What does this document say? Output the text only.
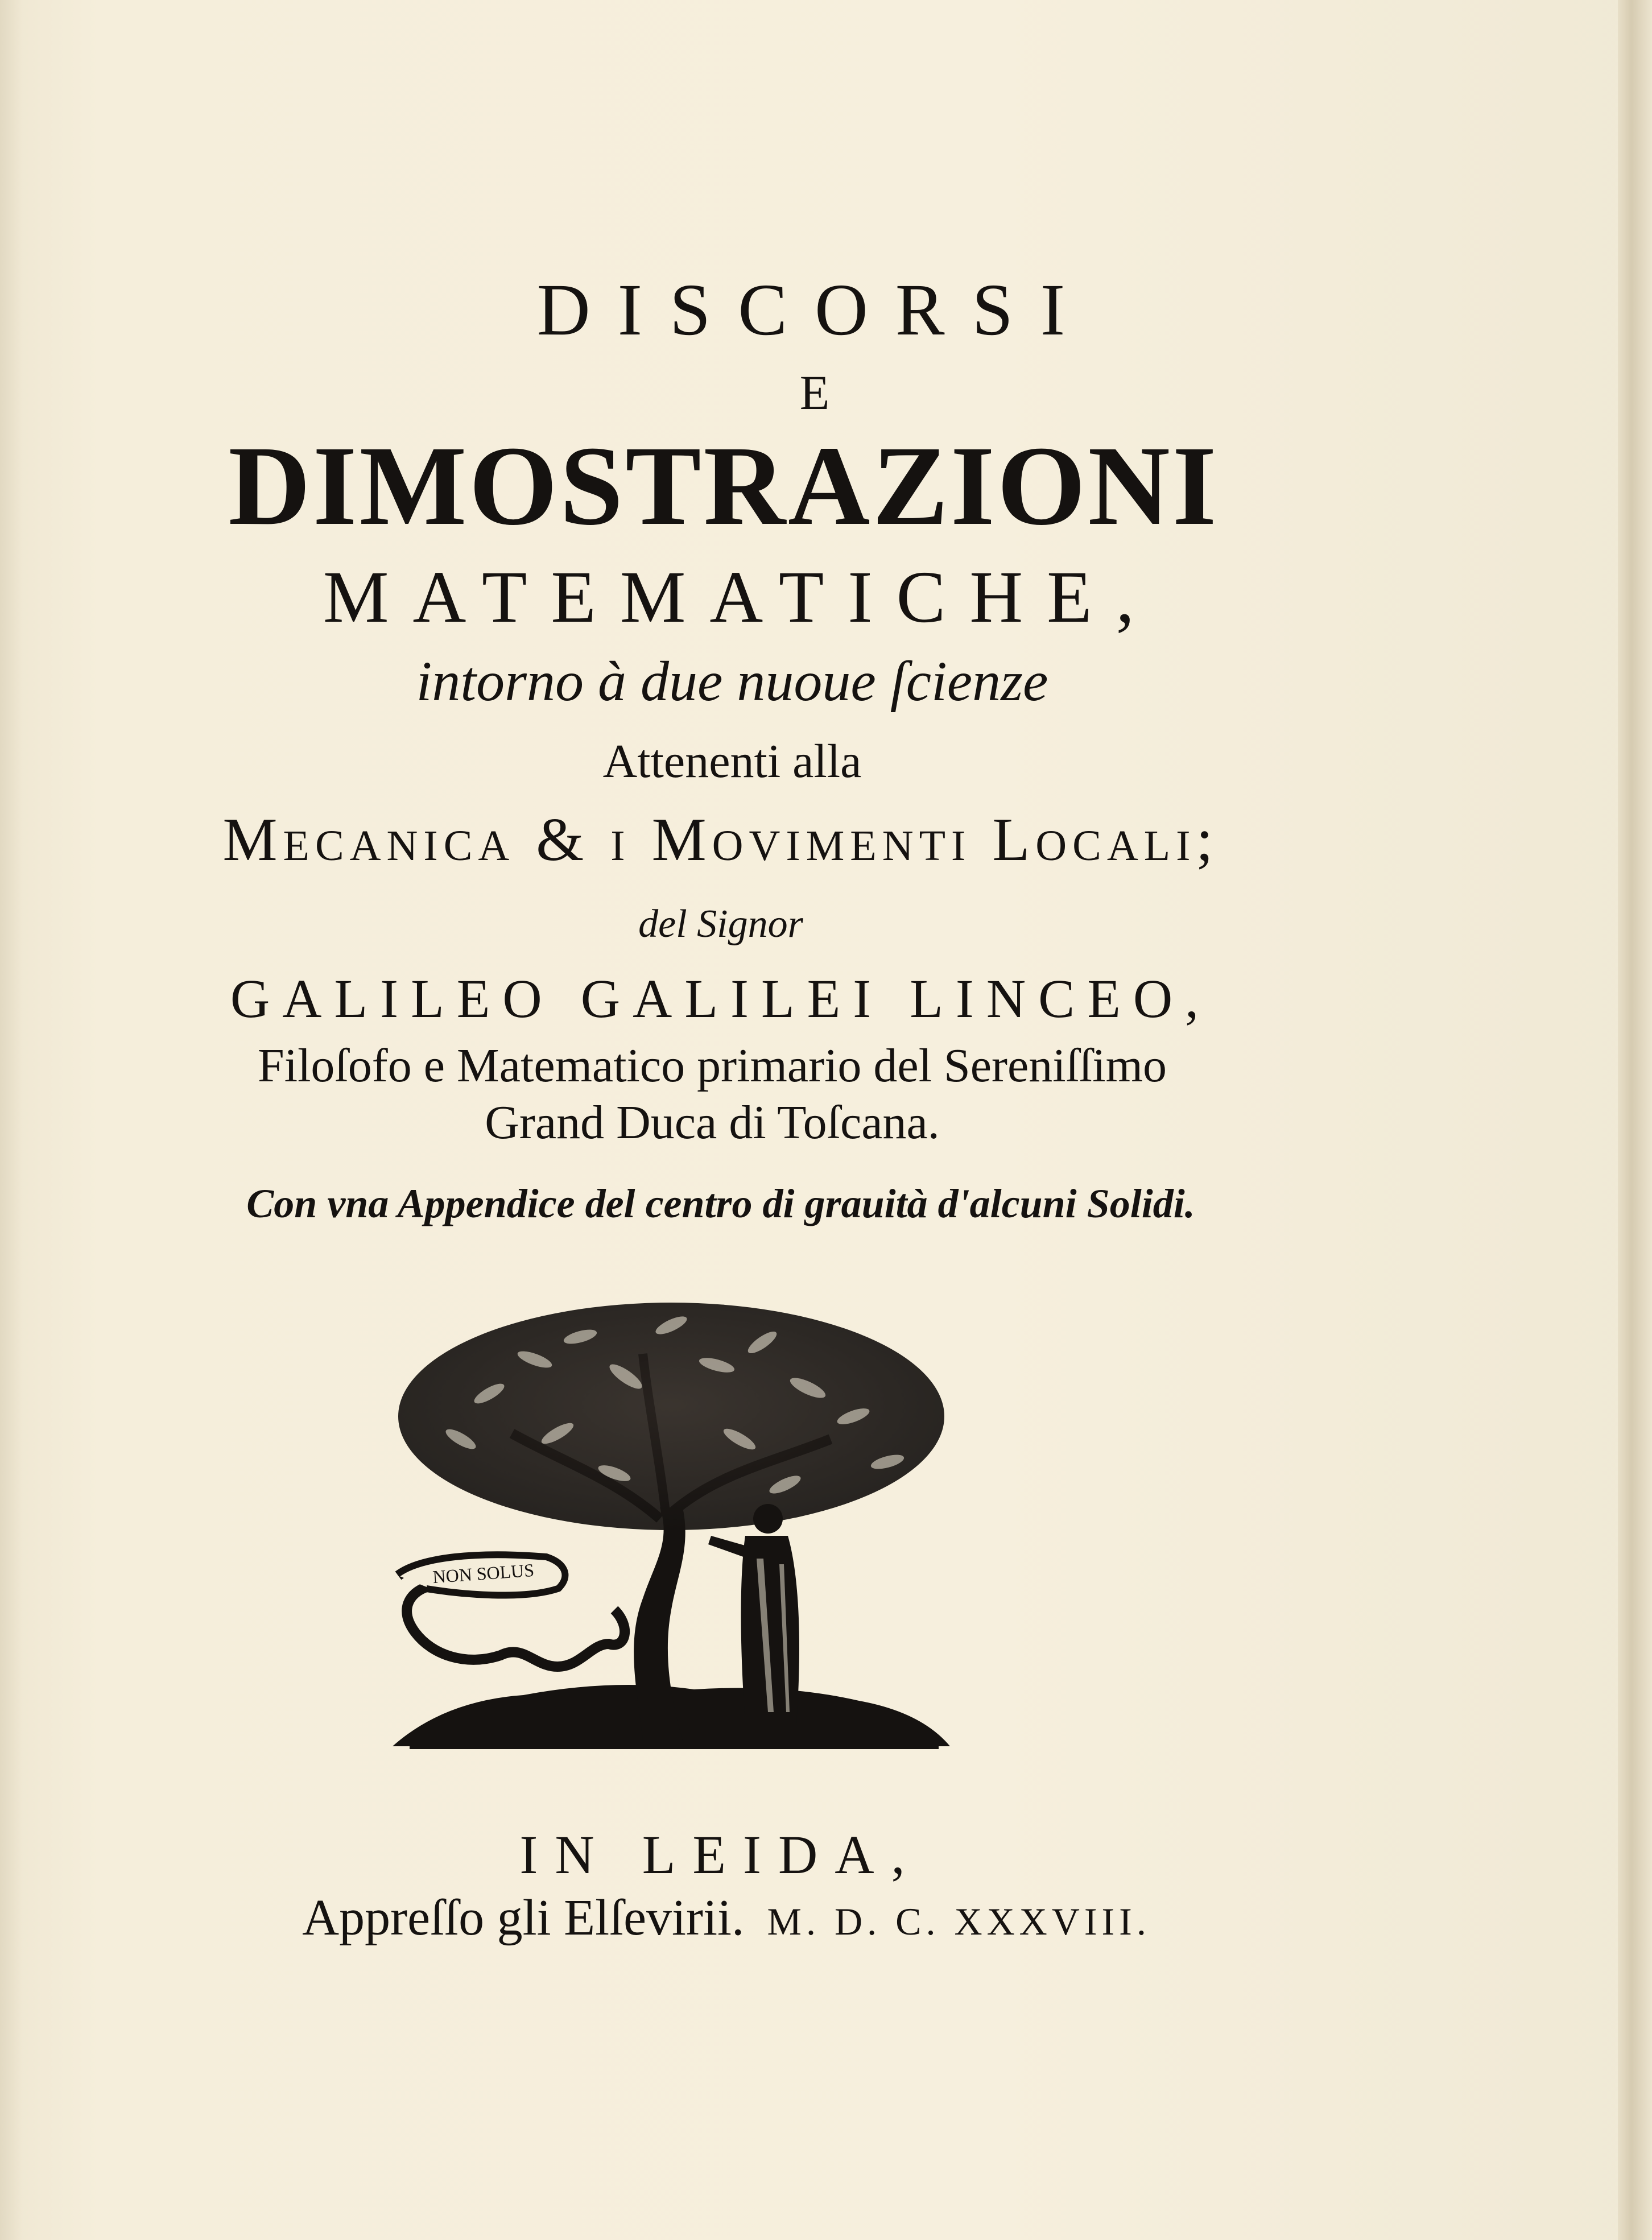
DISCORSI

E

DIMOSTRAZIONI

MATEMATICHE,

intorno à due nuoue ſcienze

Attenenti alla

Mecanica & i Movimenti Locali;

del Signor

GALILEO GALILEI LINCEO,

Filoſofo e Matematico primario del Sereniſſimo

Grand Duca di Toſcana.

Con vna Appendice del centro di grauità d'alcuni Solidi.

NON SOLUS

IN LEIDA,

Appreſſo gli Elſevirii. M. D. C. XXXVIII.
